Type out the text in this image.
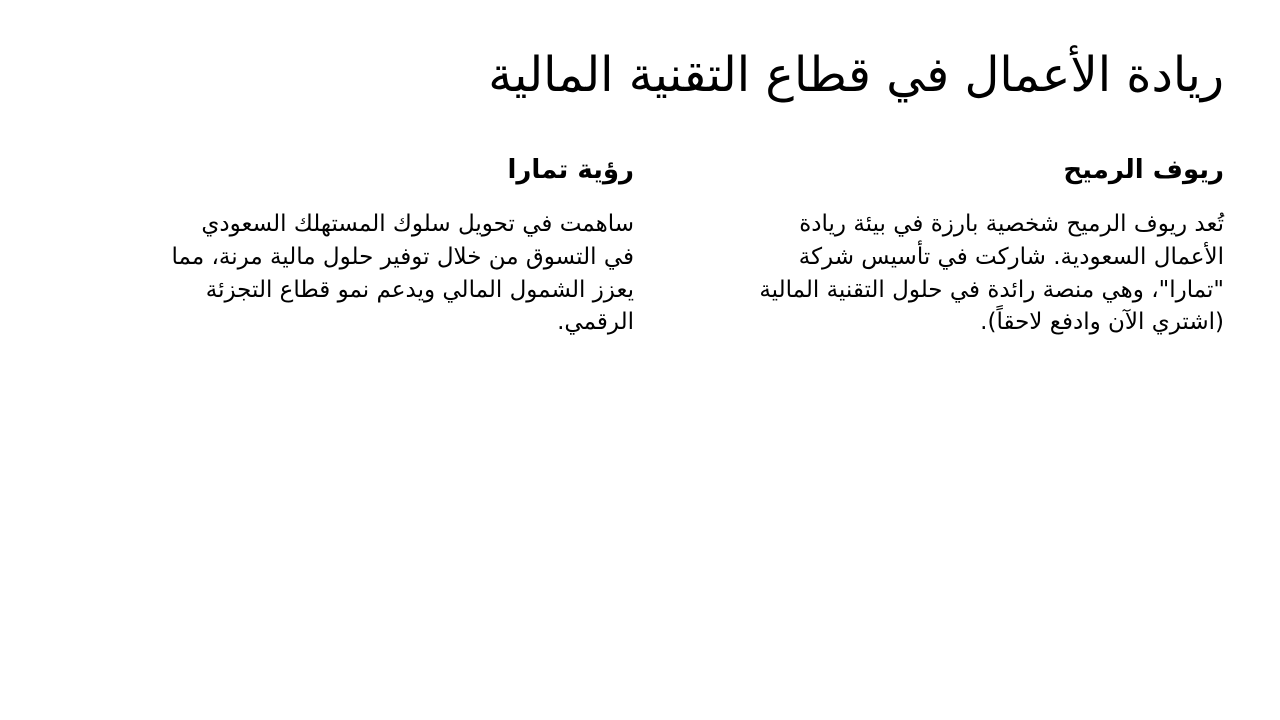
ريادة الأعمال في قطاع التقنية المالية
ريوف الرميح

تُعد ريوف الرميح شخصية بارزة في بيئة ريادة الأعمال السعودية. شاركت في تأسيس شركة "تمارا"، وهي منصة رائدة في حلول التقنية المالية (اشتري الآن وادفع لاحقاً).

رؤية تمارا

ساهمت في تحويل سلوك المستهلك السعودي في التسوق من خلال توفير حلول مالية مرنة، مما يعزز الشمول المالي ويدعم نمو قطاع التجزئة الرقمي.
